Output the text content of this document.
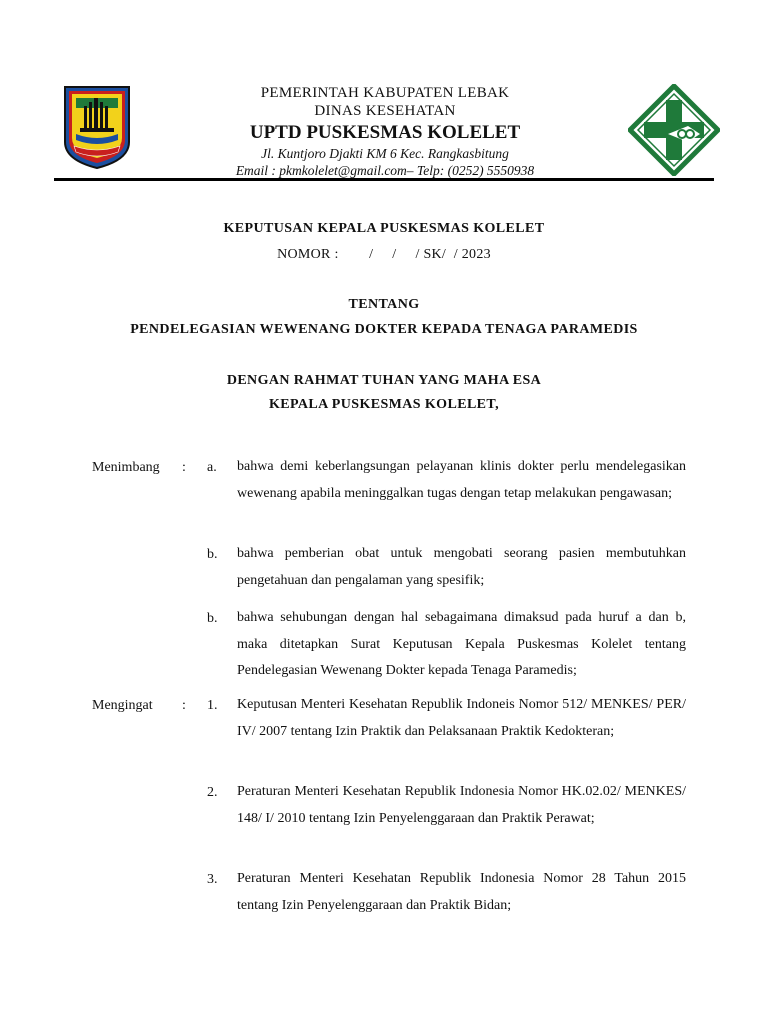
PEMERINTAH KABUPATEN LEBAK
DINAS KESEHATAN
UPTD PUSKESMAS KOLELET
Jl. Kuntjoro Djakti KM 6 Kec. Rangkasbitung
Email : pkmkolelet@gmail.com– Telp: (0252) 5550938
KEPUTUSAN KEPALA PUSKESMAS KOLELET
NOMOR :        /     /     / SK/  / 2023
TENTANG
PENDELEGASIAN WEWENANG DOKTER KEPADA TENAGA PARAMEDIS
DENGAN RAHMAT TUHAN YANG MAHA ESA
KEPALA PUSKESMAS KOLELET,
Menimbang : a. bahwa demi keberlangsungan pelayanan klinis dokter perlu mendelegasikan wewenang apabila meninggalkan tugas dengan tetap melakukan pengawasan;
b. bahwa pemberian obat untuk mengobati seorang pasien membutuhkan pengetahuan dan pengalaman yang spesifik;
b. bahwa sehubungan dengan hal sebagaimana dimaksud pada huruf a dan b, maka ditetapkan Surat Keputusan Kepala Puskesmas Kolelet tentang Pendelegasian Wewenang Dokter kepada Tenaga Paramedis;
Mengingat : 1. Keputusan Menteri Kesehatan Republik Indoneis Nomor 512/ MENKES/ PER/ IV/ 2007 tentang Izin Praktik dan Pelaksanaan Praktik Kedokteran;
2. Peraturan Menteri Kesehatan Republik Indonesia Nomor HK.02.02/ MENKES/ 148/ I/ 2010 tentang Izin Penyelenggaraan dan Praktik Perawat;
3. Peraturan Menteri Kesehatan Republik Indonesia Nomor 28 Tahun 2015 tentang Izin Penyelenggaraan dan Praktik Bidan;
